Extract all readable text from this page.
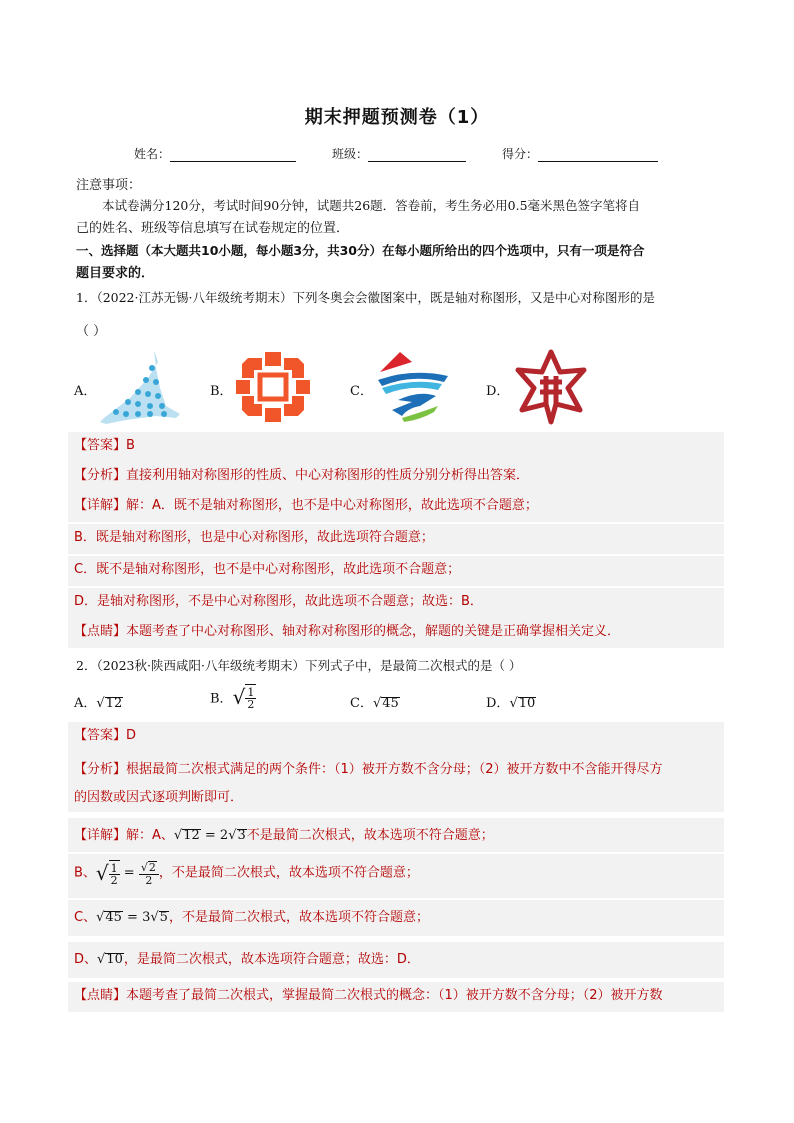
期末押题预测卷（1）
姓名：	班级：	得分：
注意事项：
本试卷满分120分，考试时间90分钟，试题共26题．答卷前，考生务必用0.5毫米黑色签字笔将自
己的姓名、班级等信息填写在试卷规定的位置．
一、选择题（本大题共10小题，每小题3分，共30分）在每小题所给出的四个选项中，只有一项是符合
题目要求的．
1．（2022·江苏无锡·八年级统考期末）下列冬奥会会徽图案中，既是轴对称图形，又是中心对称图形的是
（ ）
A．	B．	C．	D．
【答案】B
【分析】直接利用轴对称图形的性质、中心对称图形的性质分别分析得出答案．
【详解】解：A．既不是轴对称图形，也不是中心对称图形，故此选项不合题意；
B．既是轴对称图形，也是中心对称图形，故此选项符合题意；
C．既不是轴对称图形，也不是中心对称图形，故此选项不合题意；
D．是轴对称图形，不是中心对称图形，故此选项不合题意；故选：B．
【点睛】本题考查了中心对称图形、轴对称对称图形的概念，解题的关键是正确掌握相关定义．
2．（2023秋·陕西咸阳·八年级统考期末）下列式子中，是最简二次根式的是（ ）
A．√12	B．√ $\frac{1}{2}$	C．√45	D．√10
【答案】D
【分析】根据最简二次根式满足的两个条件：（1）被开方数不含分母；（2）被开方数中不含能开得尽方
的因数或因式逐项判断即可．
【详解】解：A、√12 = 2√3不是最简二次根式，故本选项不符合题意；
B、√ $\frac{1}{2} = \frac{√2}{2}$ ，不是最简二次根式，故本选项不符合题意；
C、√45 = 3√5，不是最简二次根式，故本选项不符合题意；
D、√10，是最简二次根式，故本选项符合题意；故选：D．
【点睛】本题考查了最简二次根式，掌握最简二次根式的概念：（1）被开方数不含分母；（2）被开方数
